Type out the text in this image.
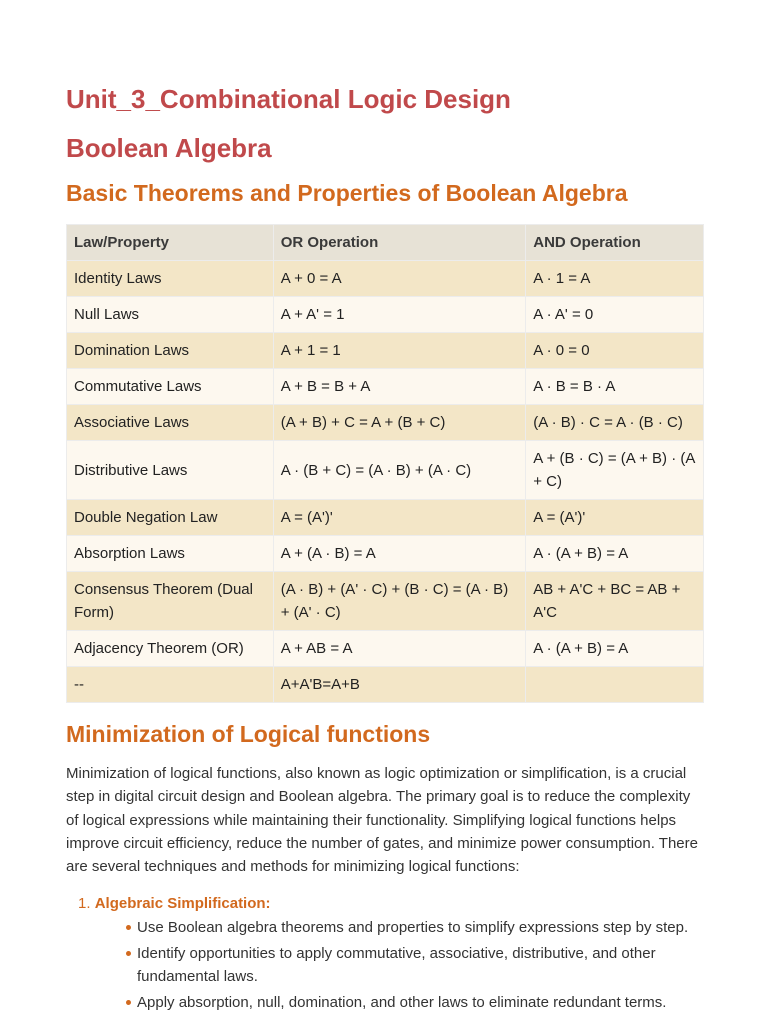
Unit_3_Combinational Logic Design
Boolean Algebra
Basic Theorems and Properties of Boolean Algebra
Law/Property	OR Operation	AND Operation
Identity Laws	A + 0 = A	A · 1 = A
Null Laws	A + A' = 1	A · A' = 0
Domination Laws	A + 1 = 1	A · 0 = 0
Commutative Laws	A + B = B + A	A · B = B · A
Associative Laws	(A + B) + C = A + (B + C)	(A · B) · C = A · (B · C)
Distributive Laws	A · (B + C) = (A · B) + (A · C)	A + (B · C) = (A + B) · (A + C)
Double Negation Law	A = (A')'	A = (A')'
Absorption Laws	A + (A · B) = A	A · (A + B) = A
Consensus Theorem (Dual Form)	(A · B) + (A' · C) + (B · C) = (A · B) + (A' · C)	AB + A'C + BC = AB + A'C
Adjacency Theorem (OR)	A + AB = A	A · (A + B) = A
--	A+A'B=A+B	
Minimization of Logical functions

Minimization of logical functions, also known as logic optimization or simplification, is a crucial step in digital circuit design and Boolean algebra. The primary goal is to reduce the complexity of logical expressions while maintaining their functionality. Simplifying logical functions helps improve circuit efficiency, reduce the number of gates, and minimize power consumption. There are several techniques and methods for minimizing logical functions:

1. Algebraic Simplification:
Use Boolean algebra theorems and properties to simplify expressions step by step.
Identify opportunities to apply commutative, associative, distributive, and other fundamental laws.
Apply absorption, null, domination, and other laws to eliminate redundant terms.
